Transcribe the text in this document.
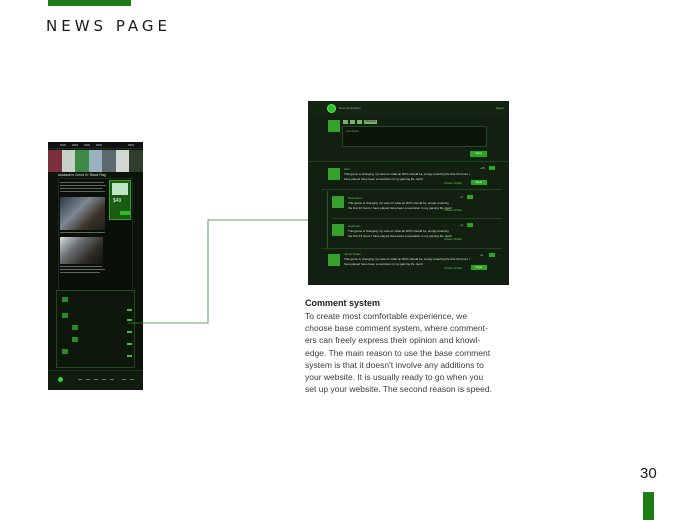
NEWS PAGE
Assassin's Creed IV: Black Flag
$49
New Generation	Log in
Wikipedia
Comment...
Send
Alex	+18
This game is changing my view on what an RPG should be, simply amazing the first 24 hours I have played have been a revolution in my gaming life. Epic!
Posted: 23 May	Reply
BraveHero	+4
This game is changing my view on what an RPG should be, simply amazing the first 24 hours I have played have been a revolution in my gaming life. Epic!
Posted: 23 May
Goldman	+2
This game is changing my view on what an RPG should be, simply amazing the first 24 hours I have played have been a revolution in my gaming life. Epic!
Posted: 23 May
Jason Drake	+9
This game is changing my view on what an RPG should be, simply amazing the first 24 hours I have played have been a revolution in my gaming life. Epic!
Posted: 23 May	Reply
Comment system
To create most comfortable experience, we
choose base comment system, where comment-
ers can freely express their opinion and knowl-
edge. The main reason to use the base comment
system is that it doesn't involve any additions to
your website. It is usually ready to go when you
set up your website. The second reason is speed.
30
